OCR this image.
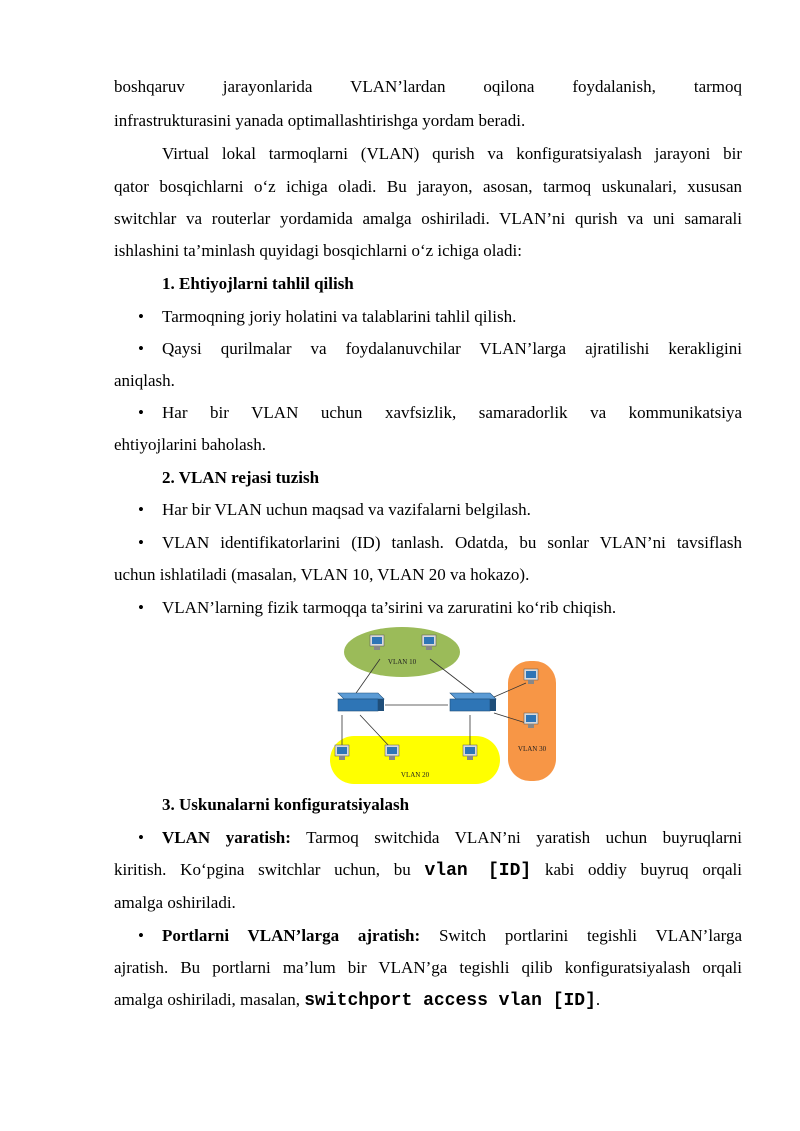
boshqaruv jarayonlarida VLAN’lardan oqilona foydalanish, tarmoq
infrastrukturasini yanada optimallashtirishga yordam beradi.
Virtual lokal tarmoqlarni (VLAN) qurish va konfiguratsiyalash jarayoni bir
qator bosqichlarni o‘z ichiga oladi. Bu jarayon, asosan, tarmoq uskunalari, xususan
switchlar va routerlar yordamida amalga oshiriladi. VLAN’ni qurish va uni samarali
ishlashini ta’minlash quyidagi bosqichlarni o‘z ichiga oladi:
1. Ehtiyojlarni tahlil qilish
• Tarmoqning joriy holatini va talablarini tahlil qilish.
• Qaysi qurilmalar va foydalanuvchilar VLAN’larga ajratilishi kerakligini
aniqlash.
• Har bir VLAN uchun xavfsizlik, samaradorlik va kommunikatsiya
ehtiyojlarini baholash.
2. VLAN rejasi tuzish
• Har bir VLAN uchun maqsad va vazifalarni belgilash.
• VLAN identifikatorlarini (ID) tanlash. Odatda, bu sonlar VLAN’ni tavsiflash
uchun ishlatiladi (masalan, VLAN 10, VLAN 20 va hokazo).
• VLAN’larning fizik tarmoqqa ta’sirini va zaruratini ko‘rib chiqish.
VLAN 10
VLAN 30
VLAN 20
3. Uskunalarni konfiguratsiyalash
• VLAN yaratish: Tarmoq switchida VLAN’ni yaratish uchun buyruqlarni
kiritish. Ko‘pgina switchlar uchun, bu vlan [ID] kabi oddiy buyruq orqali
amalga oshiriladi.
• Portlarni VLAN’larga ajratish: Switch portlarini tegishli VLAN’larga
ajratish. Bu portlarni ma’lum bir VLAN’ga tegishli qilib konfiguratsiyalash orqali
amalga oshiriladi, masalan, switchport access vlan [ID].
